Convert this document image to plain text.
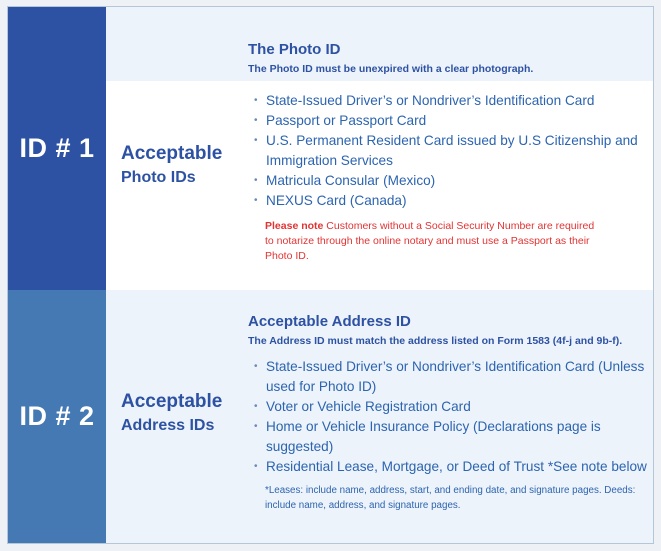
ID # 1
The Photo ID
The Photo ID must be unexpired with a clear photograph.
Acceptable
Photo IDs
• State-Issued Driver’s or Nondriver’s Identification Card
• Passport or Passport Card
• U.S. Permanent Resident Card issued by U.S Citizenship and Immigration Services
• Matricula Consular (Mexico)
• NEXUS Card (Canada)
Please note Customers without a Social Security Number are required to notarize through the online notary and must use a Passport as their Photo ID.
ID # 2
Acceptable Address ID
The Address ID must match the address listed on Form 1583 (4f-j and 9b-f).
Acceptable
Address IDs
• State-Issued Driver’s or Nondriver’s Identification Card (Unless used for Photo ID)
• Voter or Vehicle Registration Card
• Home or Vehicle Insurance Policy (Declarations page is suggested)
• Residential Lease, Mortgage, or Deed of Trust *See note below
*Leases: include name, address, start, and ending date, and signature pages. Deeds: include name, address, and signature pages.
